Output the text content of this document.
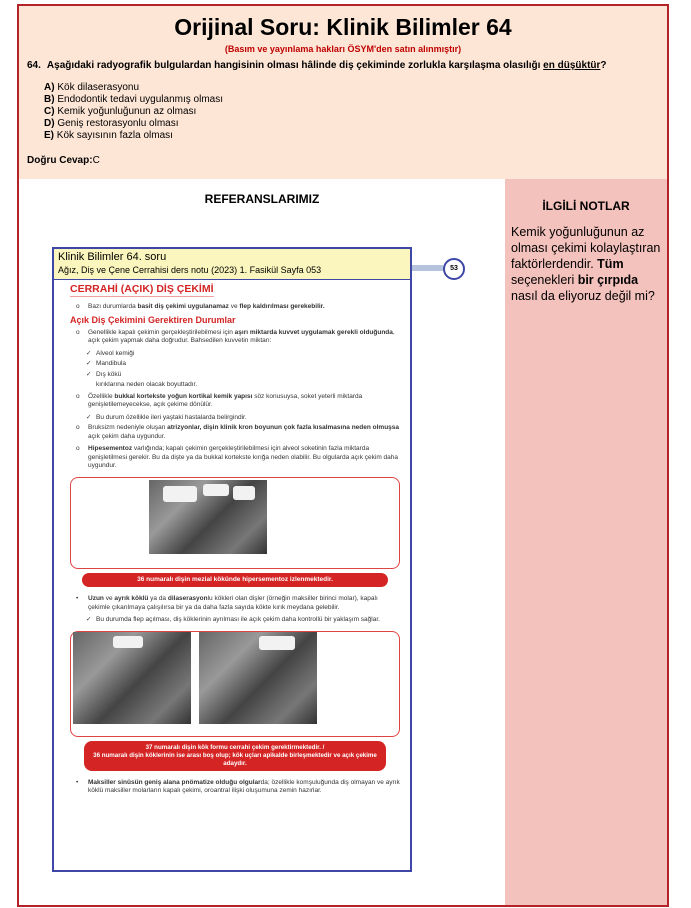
Orijinal Soru: Klinik Bilimler 64
(Basım ve yayınlama hakları ÖSYM'den satın alınmıştır)
64. Aşağıdaki radyografik bulgulardan hangisinin olması hâlinde diş çekiminde zorlukla karşılaşma olasılığı en düşüktür?
A) Kök dilaserasyonu
B) Endodontik tedavi uygulanmış olması
C) Kemik yoğunluğunun az olması
D) Geniş restorasyonlu olması
E) Kök sayısının fazla olması
Doğru Cevap:C
REFERANSLARIMIZ	İLGİLİ NOTLAR
Kemik yoğunluğunun az olması çekimi kolaylaştıran faktörlerdendir. Tüm seçenekleri bir çırpıda nasıl da eliyoruz değil mi?
53
Klinik Bilimler 64. soru
Ağız, Diş ve Çene Cerrahisi ders notu (2023) 1. Fasikül Sayfa 053
CERRAHİ (AÇIK) DİŞ ÇEKİMİ
o Bazı durumlarda basit diş çekimi uygulanamaz ve flep kaldırılması gerekebilir.
Açık Diş Çekimini Gerektiren Durumlar
o Genellikle kapalı çekimin gerçekleştirilebilmesi için aşırı miktarda kuvvet uygulamak gerekli olduğunda, açık çekim yapmak daha doğrudur. Bahsedilen kuvvetin miktarı:
✓ Alveol kemiği
✓ Mandibula
✓ Dış kökü
kırıklarına neden olacak boyuttadır.
o Özellikle bukkal kortekste yoğun kortikal kemik yapısı söz konusuysa, soket yeterli miktarda genişletilemeyecekse, açık çekime dönülür.
✓ Bu durum özellikle ileri yaştaki hastalarda belirgindir.
o Bruksizm nedeniyle oluşan atrizyonlar, dişin klinik kron boyunun çok fazla kısalmasına neden olmuşsa açık çekim daha uygundur.
o Hipesementoz varlığında; kapalı çekimin gerçekleştirilebilmesi için alveol soketinin fazla miktarda genişletilmesi gerekir. Bu da dişte ya da bukkal kortekste kırığa neden olabilir. Bu olgularda açık çekim daha uygundur.
36 numaralı dişin mezial kökünde hipersementoz izlenmektedir.
• Uzun ve ayrık köklü ya da dilaserasyonlu kökleri olan dişler (örneğin maksiller birinci molar), kapalı çekimle çıkarılmaya çalışılırsa bir ya da daha fazla sayıda kökte kırık meydana gelebilir.
✓ Bu durumda flep açılması, diş köklerinin ayrılması ile açık çekim daha kontrollü bir yaklaşım sağlar.
37 numaralı dişin kök formu cerrahi çekim gerektirmektedir. /
36 numaralı dişin köklerinin ise arası boş olup; kök uçları apikalde birleşmektedir ve açık çekime adaydır.
• Maksiller sinüsün geniş alana pnömatize olduğu olgularda; özellikle komşuluğunda diş olmayan ve ayrık köklü maksiller molarların kapalı çekimi, oroantral ilişki oluşumuna zemin hazırlar.
